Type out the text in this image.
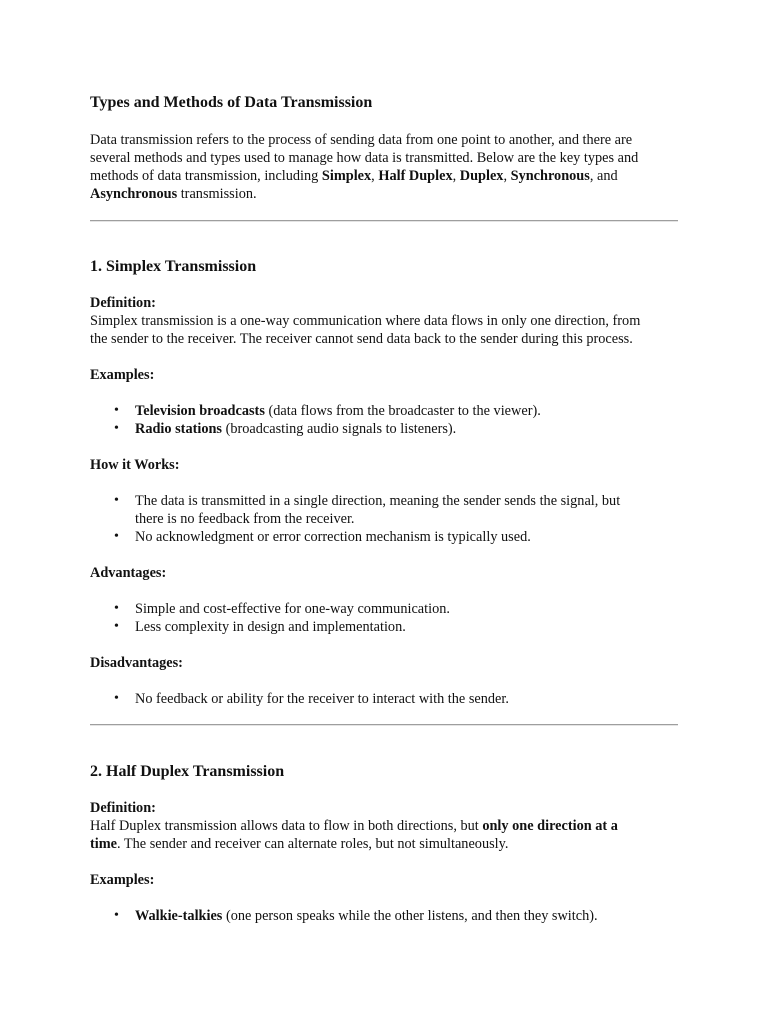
Types and Methods of Data Transmission
Data transmission refers to the process of sending data from one point to another, and there are
several methods and types used to manage how data is transmitted. Below are the key types and
methods of data transmission, including Simplex, Half Duplex, Duplex, Synchronous, and
Asynchronous transmission.
1. Simplex Transmission
Definition:
Simplex transmission is a one-way communication where data flows in only one direction, from
the sender to the receiver. The receiver cannot send data back to the sender during this process.
Examples:
• Television broadcasts (data flows from the broadcaster to the viewer).
• Radio stations (broadcasting audio signals to listeners).
How it Works:
• The data is transmitted in a single direction, meaning the sender sends the signal, but
there is no feedback from the receiver.
• No acknowledgment or error correction mechanism is typically used.
Advantages:
• Simple and cost-effective for one-way communication.
• Less complexity in design and implementation.
Disadvantages:
• No feedback or ability for the receiver to interact with the sender.
2. Half Duplex Transmission
Definition:
Half Duplex transmission allows data to flow in both directions, but only one direction at a
time. The sender and receiver can alternate roles, but not simultaneously.
Examples:
• Walkie-talkies (one person speaks while the other listens, and then they switch).
